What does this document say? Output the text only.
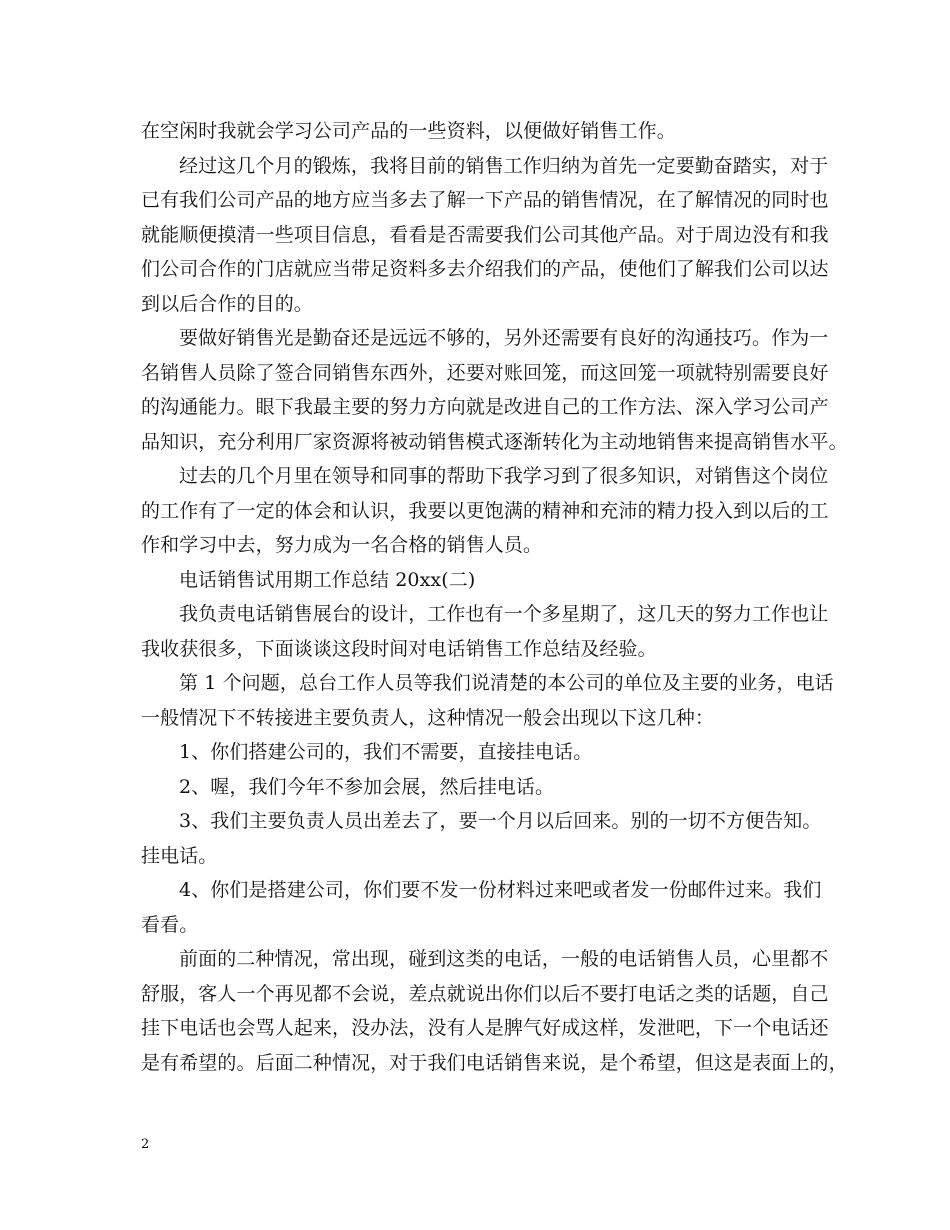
在空闲时我就会学习公司产品的一些资料，以便做好销售工作。
经过这几个月的锻炼，我将目前的销售工作归纳为首先一定要勤奋踏实，对于
已有我们公司产品的地方应当多去了解一下产品的销售情况，在了解情况的同时也
就能顺便摸清一些项目信息，看看是否需要我们公司其他产品。对于周边没有和我
们公司合作的门店就应当带足资料多去介绍我们的产品，使他们了解我们公司以达
到以后合作的目的。
要做好销售光是勤奋还是远远不够的，另外还需要有良好的沟通技巧。作为一
名销售人员除了签合同销售东西外，还要对账回笼，而这回笼一项就特别需要良好
的沟通能力。眼下我最主要的努力方向就是改进自己的工作方法、深入学习公司产
品知识，充分利用厂家资源将被动销售模式逐渐转化为主动地销售来提高销售水平。
过去的几个月里在领导和同事的帮助下我学习到了很多知识，对销售这个岗位
的工作有了一定的体会和认识，我要以更饱满的精神和充沛的精力投入到以后的工
作和学习中去，努力成为一名合格的销售人员。
电话销售试用期工作总结 20xx(二)
我负责电话销售展台的设计，工作也有一个多星期了，这几天的努力工作也让
我收获很多，下面谈谈这段时间对电话销售工作总结及经验。
第 1 个问题，总台工作人员等我们说清楚的本公司的单位及主要的业务，电话
一般情况下不转接进主要负责人，这种情况一般会出现以下这几种：
1、你们搭建公司的，我们不需要，直接挂电话。
2、喔，我们今年不参加会展，然后挂电话。
3、我们主要负责人员出差去了，要一个月以后回来。别的一切不方便告知。
挂电话。
4、你们是搭建公司，你们要不发一份材料过来吧或者发一份邮件过来。我们
看看。
前面的二种情况，常出现，碰到这类的电话，一般的电话销售人员，心里都不
舒服，客人一个再见都不会说，差点就说出你们以后不要打电话之类的话题，自己
挂下电话也会骂人起来，没办法，没有人是脾气好成这样，发泄吧，下一个电话还
是有希望的。后面二种情况，对于我们电话销售来说，是个希望，但这是表面上的，
2
